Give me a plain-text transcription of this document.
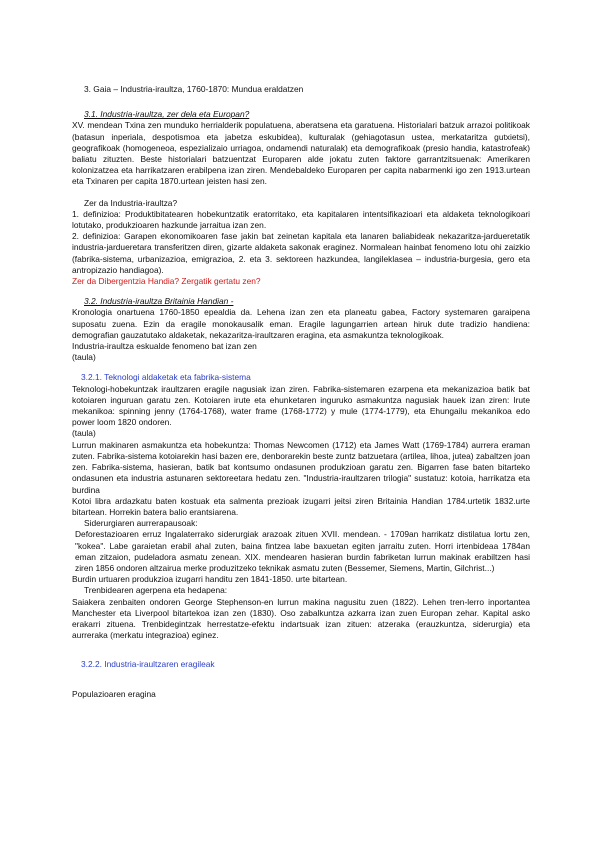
3. Gaia – Industria-iraultza, 1760-1870: Mundua eraldatzen
3.1. Industria-iraultza, zer dela eta Europan?
XV. mendean Txina zen munduko herrialderik populatuena, aberatsena eta garatuena. Historialari batzuk arrazoi politikoak (batasun inperiala, despotismoa eta jabetza eskubidea), kulturalak (gehiagotasun ustea, merkataritza gutxietsi), geografikoak (homogeneoa, espezializaio urriagoa, ondamendi naturalak) eta demografikoak (presio handia, katastrofeak) baliatu zituzten. Beste historialari batzuentzat Europaren alde jokatu zuten faktore garrantzitsuenak: Amerikaren kolonizatzea eta harrikatzaren erabilpena izan ziren. Mendebaldeko Europaren per capita nabarmenki igo zen 1913.urtean eta Txinaren per capita 1870.urtean jeisten hasi zen.
Zer da Industria-iraultza?
1. definizioa: Produktibitatearen hobekuntzatik eratorritako, eta kapitalaren intentsifikazioari eta aldaketa teknologikoari lotutako, produkzioaren hazkunde jarraitua izan zen.
2. definizioa: Garapen ekonomikoaren fase jakin bat zeinetan kapitala eta lanaren baliabideak nekazaritza-jardueretatik industria-jardueretara transferitzen diren, gizarte aldaketa sakonak eraginez. Normalean hainbat fenomeno lotu ohi zaizkio (fabrika-sistema, urbanizazioa, emigrazioa, 2. eta 3. sektoreen hazkundea, langileklasea – industria-burgesia, gero eta antropizazio handiagoa).
Zer da Dibergentzia Handia? Zergatik gertatu zen?
3.2. Industria-iraultza Britainia Handian -
Kronologia onartuena 1760-1850 epealdia da. Lehena izan zen eta planeatu gabea, Factory systemaren garaipena suposatu zuena. Ezin da eragile monokausalik eman. Eragile lagungarrien artean hiruk dute tradizio handiena: demografian gauzatutako aldaketak, nekazaritza-iraultzaren eragina, eta asmakuntza teknologikoak.
Industria-iraultza eskualde fenomeno bat izan zen
(taula)
3.2.1. Teknologi aldaketak eta fabrika-sistema
Teknologi-hobekuntzak iraultzaren eragile nagusiak izan ziren. Fabrika-sistemaren ezarpena eta mekanizazioa batik bat kotoiaren inguruan garatu zen. Kotoiaren irute eta ehunketaren inguruko asmakuntza nagusiak hauek izan ziren: Irute mekanikoa: spinning jenny (1764-1768), water frame (1768-1772) y mule (1774-1779), eta Ehungailu mekanikoa edo power loom 1820 ondoren.
(taula)
Lurrun makinaren asmakuntza eta hobekuntza: Thomas Newcomen (1712) eta James Watt (1769-1784) aurrera eraman zuten. Fabrika-sistema kotoiarekin hasi bazen ere, denborarekin beste zuntz batzuetara (artilea, lihoa, jutea) zabaltzen joan zen. Fabrika-sistema, hasieran, batik bat kontsumo ondasunen produkzioan garatu zen. Bigarren fase baten bitarteko ondasunen eta industria astunaren sektoreetara hedatu zen. "Industria-iraultzaren trilogia" sustatuz: kotoia, harrikatza eta burdina
Kotoi libra ardazkatu baten kostuak eta salmenta prezioak izugarri jeitsi ziren Britainia Handian 1784.urtetik 1832.urte bitartean. Horrekin batera balio erantsiarena.
Siderurgiaren aurrerapausoak:
Deforestazioaren erruz Ingalaterrako siderurgiak arazoak zituen XVII. mendean. - 1709an harrikatz distilatua lortu zen, "kokea". Labe garaietan erabil ahal zuten, baina fintzea labe baxuetan egiten jarraitu zuten. Horri irtenbideaa 1784an eman zitzaion, pudeladora asmatu zenean. XIX. mendearen hasieran burdin fabriketan lurrun makinak erabiltzen hasi ziren 1856 ondoren altzairua merke produzitzeko teknikak asmatu zuten (Bessemer, Siemens, Martin, Gilchrist...)
Burdin urtuaren produkzioa izugarri handitu zen 1841-1850. urte bitartean.
Trenbidearen agerpena eta hedapena:
Saiakera zenbaiten ondoren George Stephenson-en lurrun makina nagusitu zuen (1822). Lehen tren-lerro inportantea Manchester eta Liverpool bitartekoa izan zen (1830). Oso zabalkuntza azkarra izan zuen Europan zehar. Kapital asko erakarri zituena. Trenbidegintzak herrestatze-efektu indartsuak izan zituen: atzeraka (erauzkuntza, siderurgia) eta aurreraka (merkatu integrazioa) eginez.
3.2.2. Industria-iraultzaren eragileak
Populazioaren eragina
